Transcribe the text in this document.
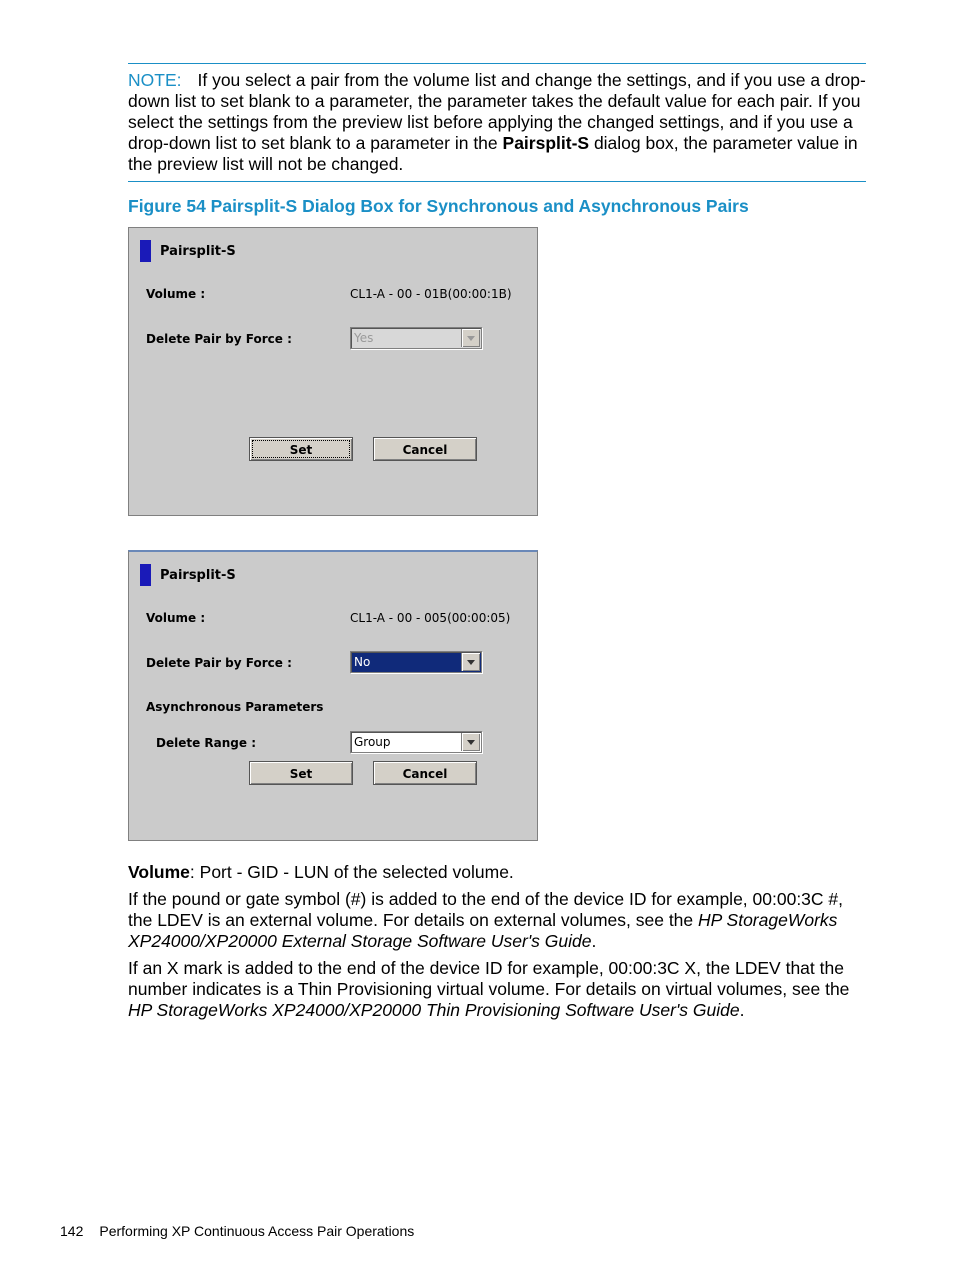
NOTE: If you select a pair from the volume list and change the settings, and if you use a drop-down list to set blank to a parameter, the parameter takes the default value for each pair. If you select the settings from the preview list before applying the changed settings, and if you use a drop-down list to set blank to a parameter in the Pairsplit-S dialog box, the parameter value in the preview list will not be changed.
Figure 54 Pairsplit-S Dialog Box for Synchronous and Asynchronous Pairs
Pairsplit-S
Volume :	CL1-A - 00 - 01B(00:00:1B)
Delete Pair by Force :	Yes
Set	Cancel
Pairsplit-S
Volume :	CL1-A - 00 - 005(00:00:05)
Delete Pair by Force :	No
Asynchronous Parameters
Delete Range :	Group
Set	Cancel
Volume: Port - GID - LUN of the selected volume.
If the pound or gate symbol (#) is added to the end of the device ID for example, 00:00:3C #, the LDEV is an external volume. For details on external volumes, see the HP StorageWorks XP24000/XP20000 External Storage Software User's Guide.
If an X mark is added to the end of the device ID for example, 00:00:3C X, the LDEV that the number indicates is a Thin Provisioning virtual volume. For details on virtual volumes, see the HP StorageWorks XP24000/XP20000 Thin Provisioning Software User's Guide.
142 Performing XP Continuous Access Pair Operations
